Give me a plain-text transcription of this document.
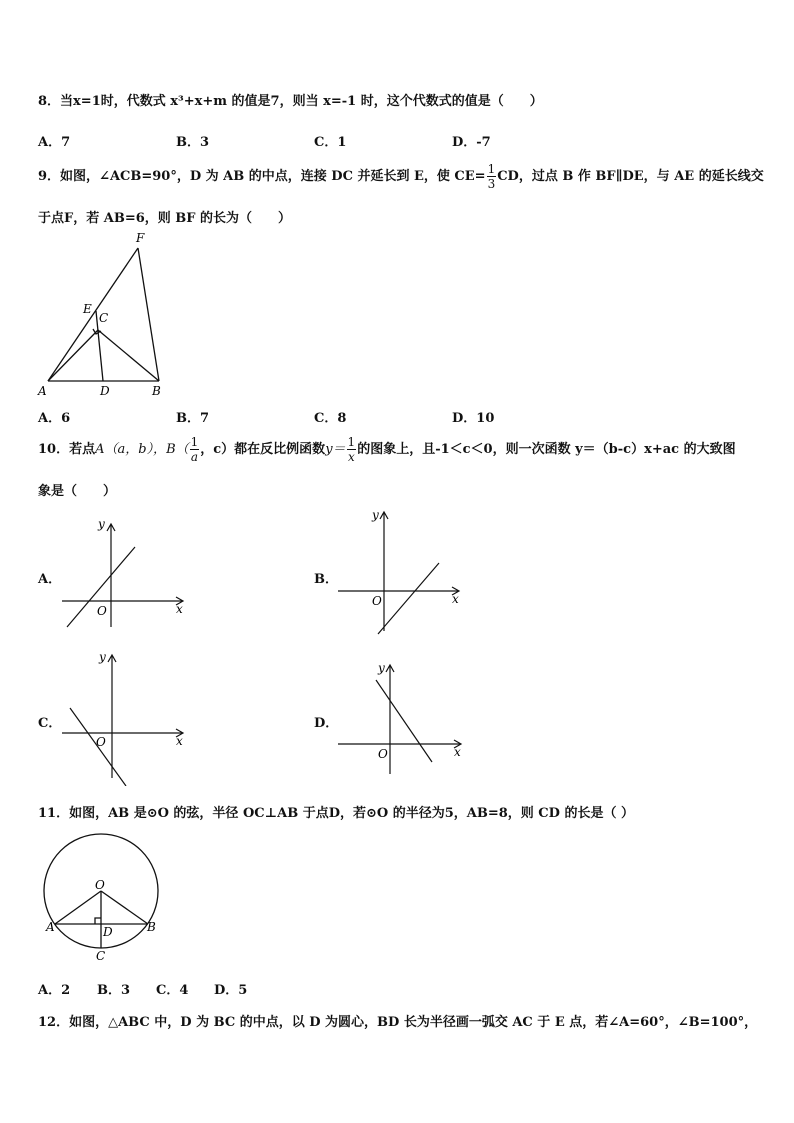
8．当x=1时，代数式 x³+x+m 的值是7，则当 x=-1 时，这个代数式的值是（　　）
A．7	B．3	C．1	D．-7
9．如图，∠ACB=90°，D 为 AB 的中点，连接 DC 并延长到 E，使 $CE= \frac{1}{3}$ CD，过点 B 作 BF∥DE，与 AE 的延长线交
于点F，若 AB=6，则 BF 的长为（　　）
F
E
C
A	D	B
A．6	B．7	C．8	D．10
10．若点A（a，b），$B( \frac{1}{a}$ ，c）都在反比例函数$y= \frac{1}{x}$ 的图象上，且-1＜c＜0，则一次函数 y＝（b-c）x+ac 的大致图
象是（　　）
A．
x
y
O
B．
x
y
O
C．
x
y
O
D．
x
y
O
11．如图，AB 是⊙O 的弦，半径 OC⊥AB 于点D，若⊙O 的半径为5，AB=8，则 CD 的长是（ ）
O
A	B
D
C
A．2 B．3 C．4 D．5
12．如图，△ABC 中，D 为 BC 的中点，以 D 为圆心，BD 长为半径画一弧交 AC 于 E 点，若∠A=60°，∠B=100°，
